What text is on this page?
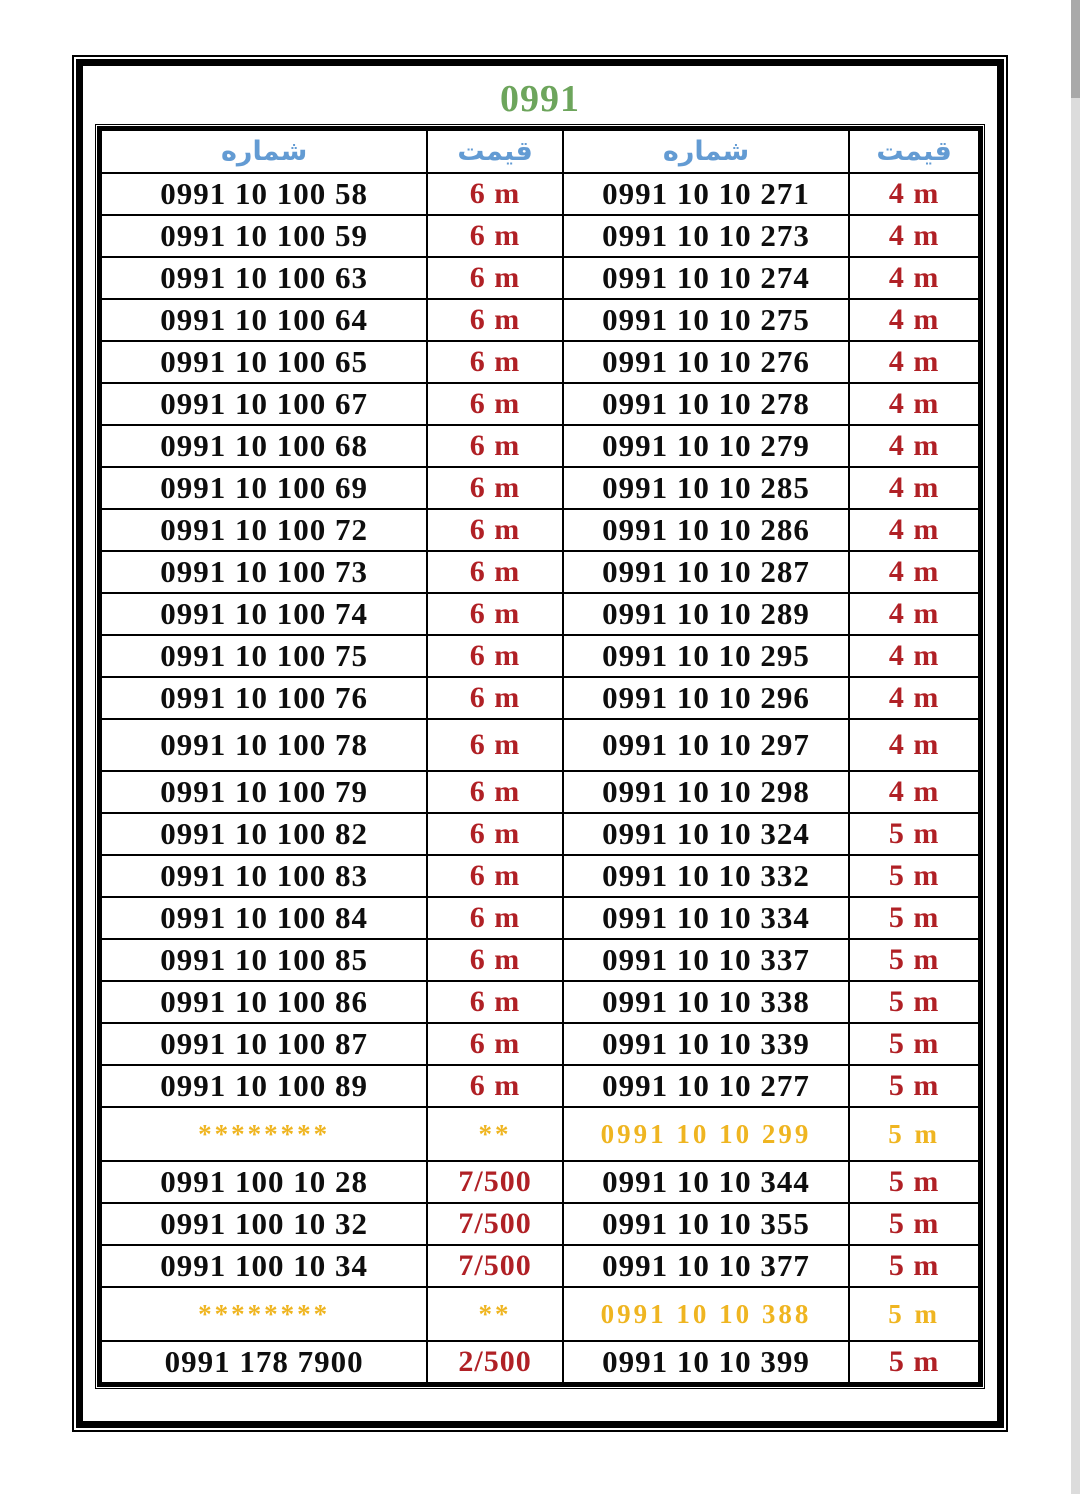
0991
شماره	قیمت	شماره	قیمت
0991 10 100 58	6 m	0991 10 10 271	4 m
0991 10 100 59	6 m	0991 10 10 273	4 m
0991 10 100 63	6 m	0991 10 10 274	4 m
0991 10 100 64	6 m	0991 10 10 275	4 m
0991 10 100 65	6 m	0991 10 10 276	4 m
0991 10 100 67	6 m	0991 10 10 278	4 m
0991 10 100 68	6 m	0991 10 10 279	4 m
0991 10 100 69	6 m	0991 10 10 285	4 m
0991 10 100 72	6 m	0991 10 10 286	4 m
0991 10 100 73	6 m	0991 10 10 287	4 m
0991 10 100 74	6 m	0991 10 10 289	4 m
0991 10 100 75	6 m	0991 10 10 295	4 m
0991 10 100 76	6 m	0991 10 10 296	4 m
0991 10 100 78	6 m	0991 10 10 297	4 m
0991 10 100 79	6 m	0991 10 10 298	4 m
0991 10 100 82	6 m	0991 10 10 324	5 m
0991 10 100 83	6 m	0991 10 10 332	5 m
0991 10 100 84	6 m	0991 10 10 334	5 m
0991 10 100 85	6 m	0991 10 10 337	5 m
0991 10 100 86	6 m	0991 10 10 338	5 m
0991 10 100 87	6 m	0991 10 10 339	5 m
0991 10 100 89	6 m	0991 10 10 277	5 m
********	**	0991 10 10 299	5 m
0991 100 10 28	7/500	0991 10 10 344	5 m
0991 100 10 32	7/500	0991 10 10 355	5 m
0991 100 10 34	7/500	0991 10 10 377	5 m
********	**	0991 10 10 388	5 m
0991 178 7900	2/500	0991 10 10 399	5 m
